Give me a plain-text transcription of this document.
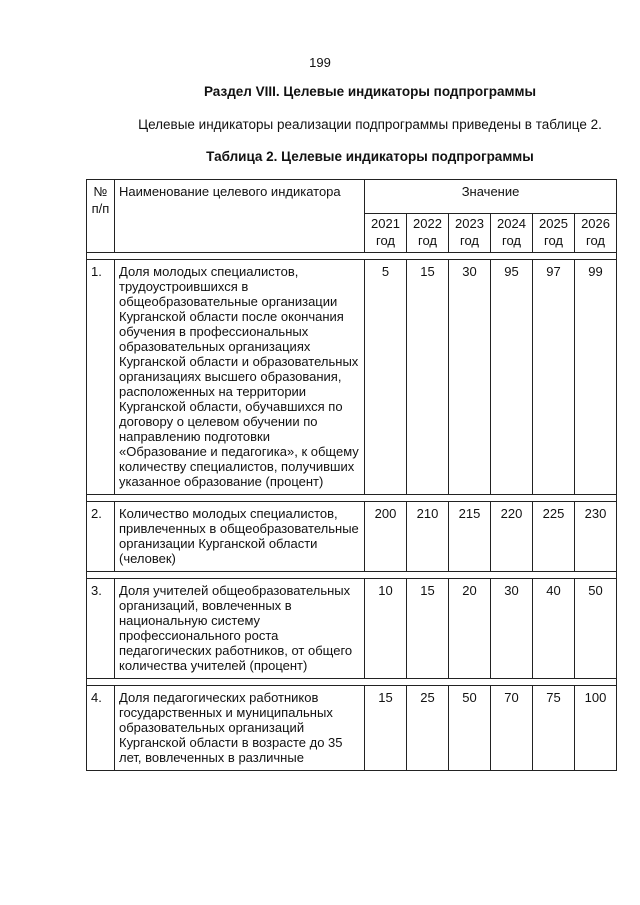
199
Раздел VIII. Целевые индикаторы подпрограммы
Целевые индикаторы реализации подпрограммы приведены в таблице 2.
Таблица 2. Целевые индикаторы подпрограммы
№ п/п	Наименование целевого индикатора	Значение					
		2021 год	2022 год	2023 год	2024 год	2025 год	2026 год

1.	Доля молодых специалистов, трудоустроившихся в общеобразовательные организации Курганской области после окончания обучения в профессиональных образовательных организациях Курганской области и образовательных организациях высшего образования, расположенных на территории Курганской области, обучавшихся по договору о целевом обучении по направлению подготовки «Образование и педагогика», к общему количеству специалистов, получивших указанное образование (процент)	5	15	30	95	97	99

2.	Количество молодых специалистов, привлеченных в общеобразовательные организации Курганской области (человек)	200	210	215	220	225	230

3.	Доля учителей общеобразовательных организаций, вовлеченных в национальную систему профессионального роста педагогических работников, от общего количества учителей (процент)	10	15	20	30	40	50

4.	Доля педагогических работников государственных и муниципальных образовательных организаций Курганской области в возрасте до 35 лет, вовлеченных в различные	15	25	50	70	75	100
